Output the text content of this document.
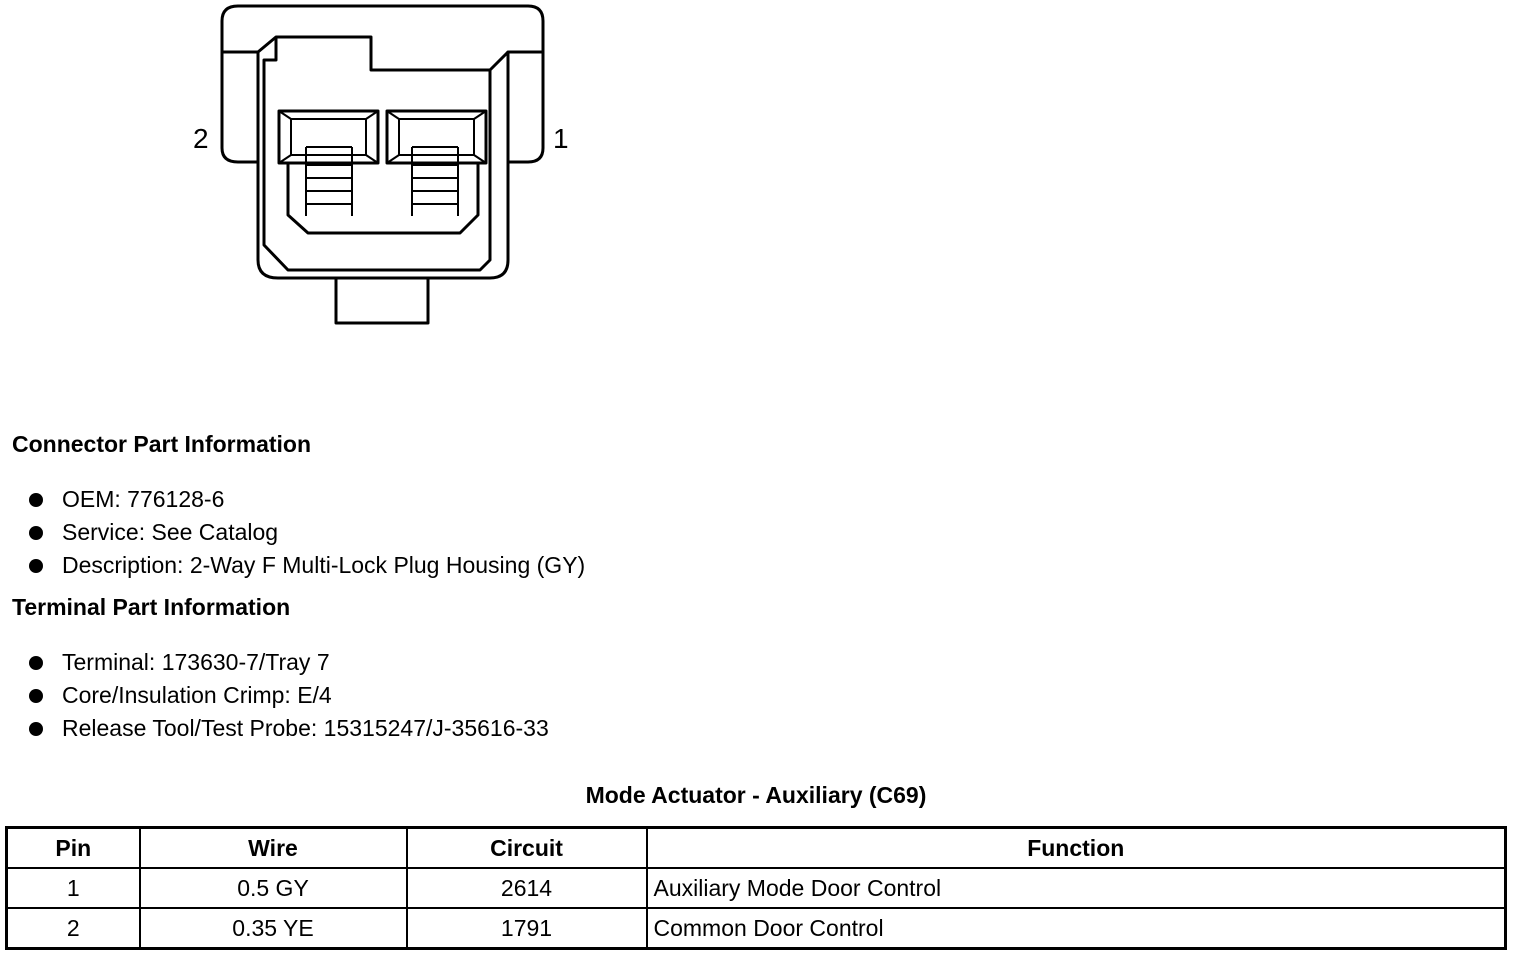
2	1
Connector Part Information
OEM: 776128-6
Service: See Catalog
Description: 2-Way F Multi-Lock Plug Housing (GY)
Terminal Part Information
Terminal: 173630-7/Tray 7
Core/Insulation Crimp: E/4
Release Tool/Test Probe: 15315247/J-35616-33
Mode Actuator - Auxiliary (C69)
Pin	Wire	Circuit	Function
1	0.5 GY	2614	Auxiliary Mode Door Control
2	0.35 YE	1791	Common Door Control
